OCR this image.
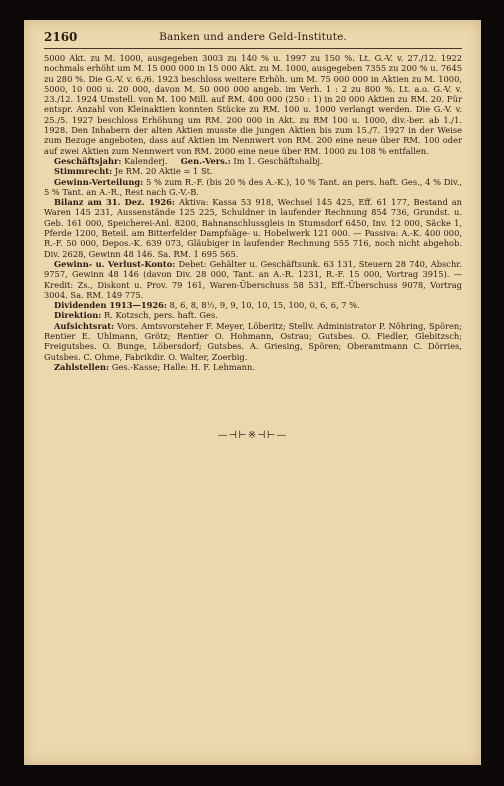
2160	Banken und andere Geld-Institute.

5000 Akt. zu M. 1000, ausgegeben 3003 zu 140 % u. 1997 zu 150 %. Lt. G.-V. v. 27./12. 1922 nochmals erhöht um M. 15 000 000 in 15 000 Akt. zu M. 1000, ausgegeben 7355 zu 200 % u. 7645 zu 280 %. Die G.-V. v. 6./6. 1923 beschloss weitere Erhöh. um M. 75 000 000 in Aktien zu M. 1000, 5000, 10 000 u. 20 000, davon M. 50 000 000 angeb. im Verh. 1 : 2 zu 800 %. Lt. a.o. G.-V. v. 23./12. 1924 Umstell. von M. 100 Mill. auf RM. 400 000 (250 : 1) in 20 000 Aktien zu RM. 20. Für entspr. Anzahl von Kleinaktien konnten Stücke zu RM. 100 u. 1000 verlangt werden. Die G.-V. v. 25./5. 1927 beschloss Erhöhung um RM. 200 000 in Akt. zu RM 100 u. 1000, div.-ber. ab 1./1. 1928. Den Inhabern der alten Aktien musste die jungen Aktien bis zum 15./7. 1927 in der Weise zum Bezuge angeboten, dass auf Aktien im Nennwert von RM. 200 eine neue über RM. 100 oder auf zwei Aktien zum Nennwert von RM. 2000 eine neue über RM. 1000 zu 108 % entfallen.

Geschäftsjahr: Kalenderj. Gen.-Vers.: Im 1. Geschäftshalbj.

Stimmrecht: Je RM. 20 Aktie = 1 St.

Gewinn-Verteilung: 5 % zum R.-F. (bis 20 % des A.-K.), 10 % Tant. an pers. haft. Ges., 4 % Div., 5 % Tant. an A.-R., Rest nach G.-V.-B.

Bilanz am 31. Dez. 1926: Aktiva: Kassa 53 918, Wechsel 145 425, Eff. 61 177, Bestand an Waren 145 231, Aussenstände 125 225, Schuldner in laufender Rechnung 854 736, Grundst. u. Geb. 161 000, Speicherei-Anl. 8200, Bahnanschlussgleis in Stumsdorf 6450, Inv. 12 000, Säcke 1, Pferde 1200, Beteil. am Bitterfelder Dampfsäge- u. Hobelwerk 121 000. — Passiva: A.-K. 400 000, R.-F. 50 000, Depos.-K. 639 073, Gläubiger in laufender Rechnung 555 716, noch nicht abgehob. Div. 2628, Gewinn 48 146. Sa. RM. 1 695 565.

Gewinn- u. Verlust-Konto: Debet: Gehälter u. Geschäftsunk. 63 131, Steuern 28 740, Abschr. 9757, Gewinn 48 146 (davon Div. 28 000, Tant. an A.-R. 1231, R.-F. 15 000, Vortrag 3915). — Kredit: Zs., Diskont u. Prov. 79 161, Waren-Überschuss 58 531, Eff.-Überschuss 9078, Vortrag 3004. Sa. RM. 149 775.

Dividenden 1913—1926: 8, 6, 8, 8½, 9, 9, 10, 10, 15, 100, 0, 6, 6, 7 %.

Direktion: R. Kotzsch, pers. haft. Ges.

Aufsichtsrat: Vors. Amtsvorsteher F. Meyer, Löberitz; Stellv. Administrator P. Nöhring, Spören; Rentier E. Uhlmann, Grötz; Rentier O. Hohmann, Ostrau; Gutsbes. O. Fiedler, Glebitzsch; Freigutsbes. O. Bunge, Löbersdorf; Gutsbes. A. Griesing, Spören; Oberamtmann C. Dörries, Gutsbes. C. Ohme, Fabrikdir. O. Walter, Zoerbig.

Zahlstellen: Ges.-Kasse; Halle: H. F. Lehmann.

—⊣⊢※⊣⊢—
